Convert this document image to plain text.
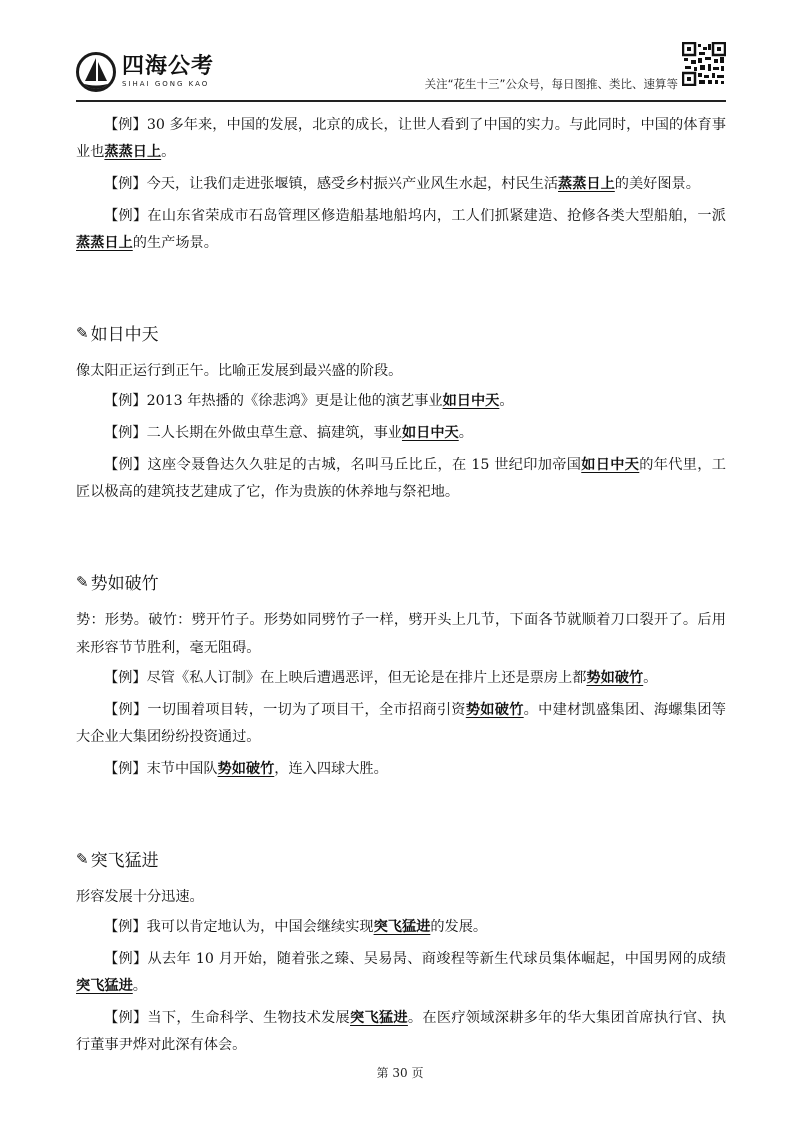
四海公考
SIHAI GONG KAO	关注“花生十三”公众号，每日图推、类比、速算等

【例】30 多年来，中国的发展，北京的成长，让世人看到了中国的实力。与此同时，中国的体育事业也蒸蒸日上。

【例】今天，让我们走进张堰镇，感受乡村振兴产业风生水起，村民生活蒸蒸日上的美好图景。

【例】在山东省荣成市石岛管理区修造船基地船坞内，工人们抓紧建造、抢修各类大型船舶，一派蒸蒸日上的生产场景。

✎ 如日中天

像太阳正运行到正午。比喻正发展到最兴盛的阶段。

【例】2013 年热播的《徐悲鸿》更是让他的演艺事业如日中天。

【例】二人长期在外做虫草生意、搞建筑，事业如日中天。

【例】这座令聂鲁达久久驻足的古城，名叫马丘比丘，在 15 世纪印加帝国如日中天的年代里，工匠以极高的建筑技艺建成了它，作为贵族的休养地与祭祀地。

✎ 势如破竹

势：形势。破竹：劈开竹子。形势如同劈竹子一样，劈开头上几节，下面各节就顺着刀口裂开了。后用来形容节节胜利，毫无阻碍。

【例】尽管《私人订制》在上映后遭遇恶评，但无论是在排片上还是票房上都势如破竹。

【例】一切围着项目转，一切为了项目干，全市招商引资势如破竹。中建材凯盛集团、海螺集团等大企业大集团纷纷投资通过。

【例】末节中国队势如破竹，连入四球大胜。

✎ 突飞猛进

形容发展十分迅速。

【例】我可以肯定地认为，中国会继续实现突飞猛进的发展。

【例】从去年 10 月开始，随着张之臻、吴易昺、商竣程等新生代球员集体崛起，中国男网的成绩突飞猛进。

【例】当下，生命科学、生物技术发展突飞猛进。在医疗领域深耕多年的华大集团首席执行官、执行董事尹烨对此深有体会。

第 30 页
